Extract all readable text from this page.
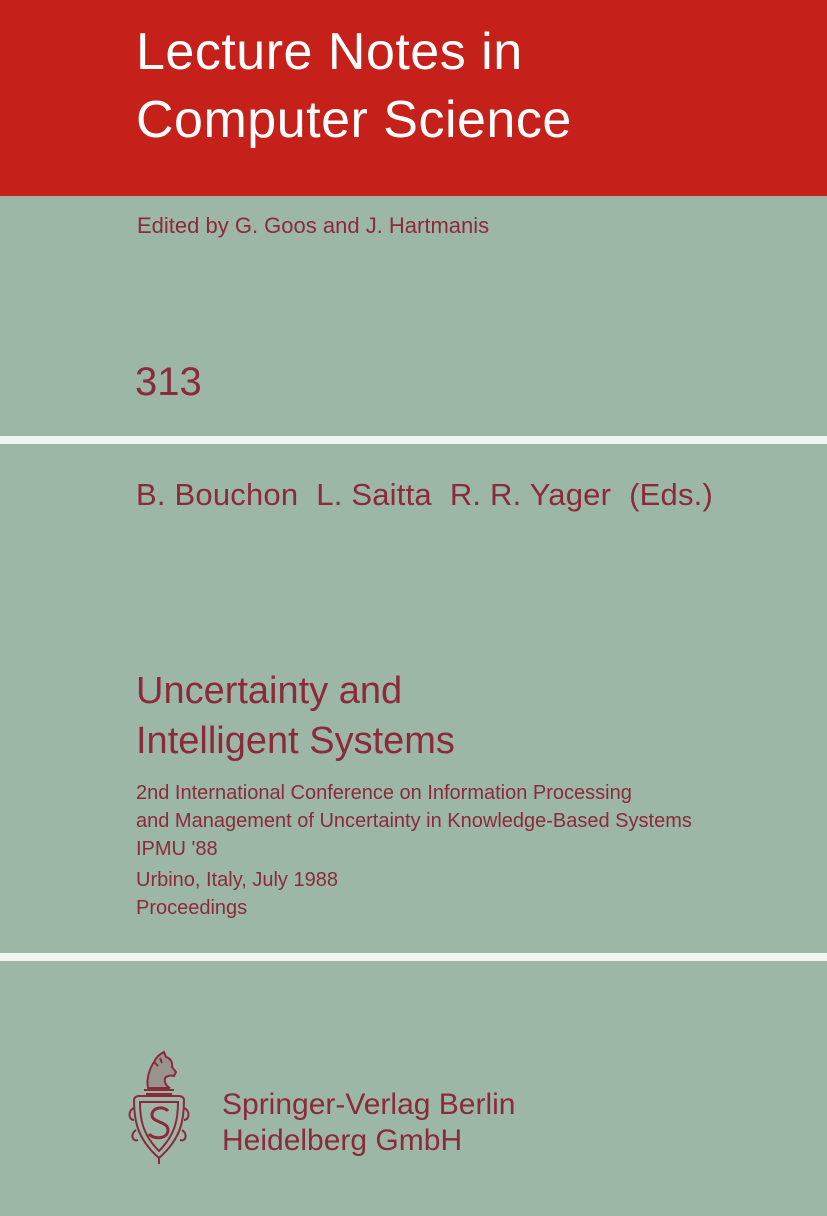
Lecture Notes in
Computer Science
Edited by G. Goos and J. Hartmanis
313
B. Bouchon L. Saitta R. R. Yager (Eds.)
Uncertainty and
Intelligent Systems
2nd International Conference on Information Processing
and Management of Uncertainty in Knowledge-Based Systems
IPMU '88
Urbino, Italy, July 1988
Proceedings
Springer-Verlag Berlin
Heidelberg GmbH
